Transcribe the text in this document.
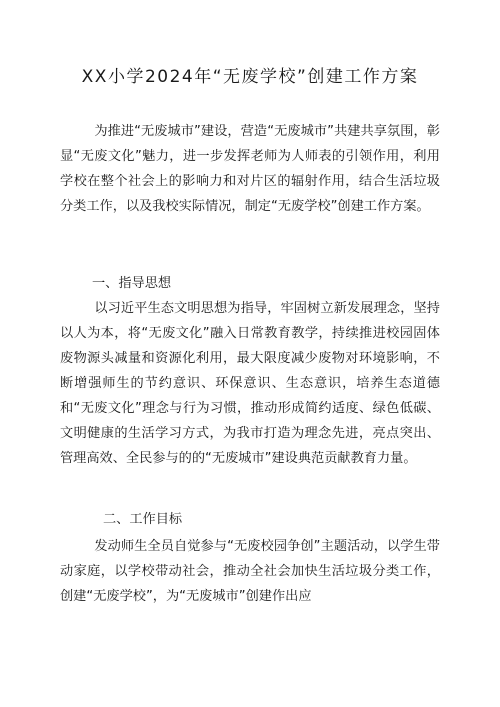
XX小学2024年“无废学校”创建工作方案

为推进“无废城市”建设，营造“无废城市”共建共享氛围，彰显“无废文化”魅力，进一步发挥老师为人师表的引领作用，利用学校在整个社会上的影响力和对片区的辐射作用，结合生活垃圾分类工作，以及我校实际情况，制定“无废学校”创建工作方案。

一、指导思想

以习近平生态文明思想为指导，牢固树立新发展理念，坚持以人为本，将“无废文化”融入日常教育教学，持续推进校园固体废物源头减量和资源化利用，最大限度减少废物对环境影响，不断增强师生的节约意识、环保意识、生态意识，培养生态道德和“无废文化”理念与行为习惯，推动形成简约适度、绿色低碳、文明健康的生活学习方式，为我市打造为理念先进，亮点突出、管理高效、全民参与的的“无废城市”建设典范贡献教育力量。

二、工作目标

发动师生全员自觉参与“无废校园争创”主题活动，以学生带动家庭，以学校带动社会，推动全社会加快生活垃圾分类工作，创建“无废学校”，为“无废城市”创建作出应
